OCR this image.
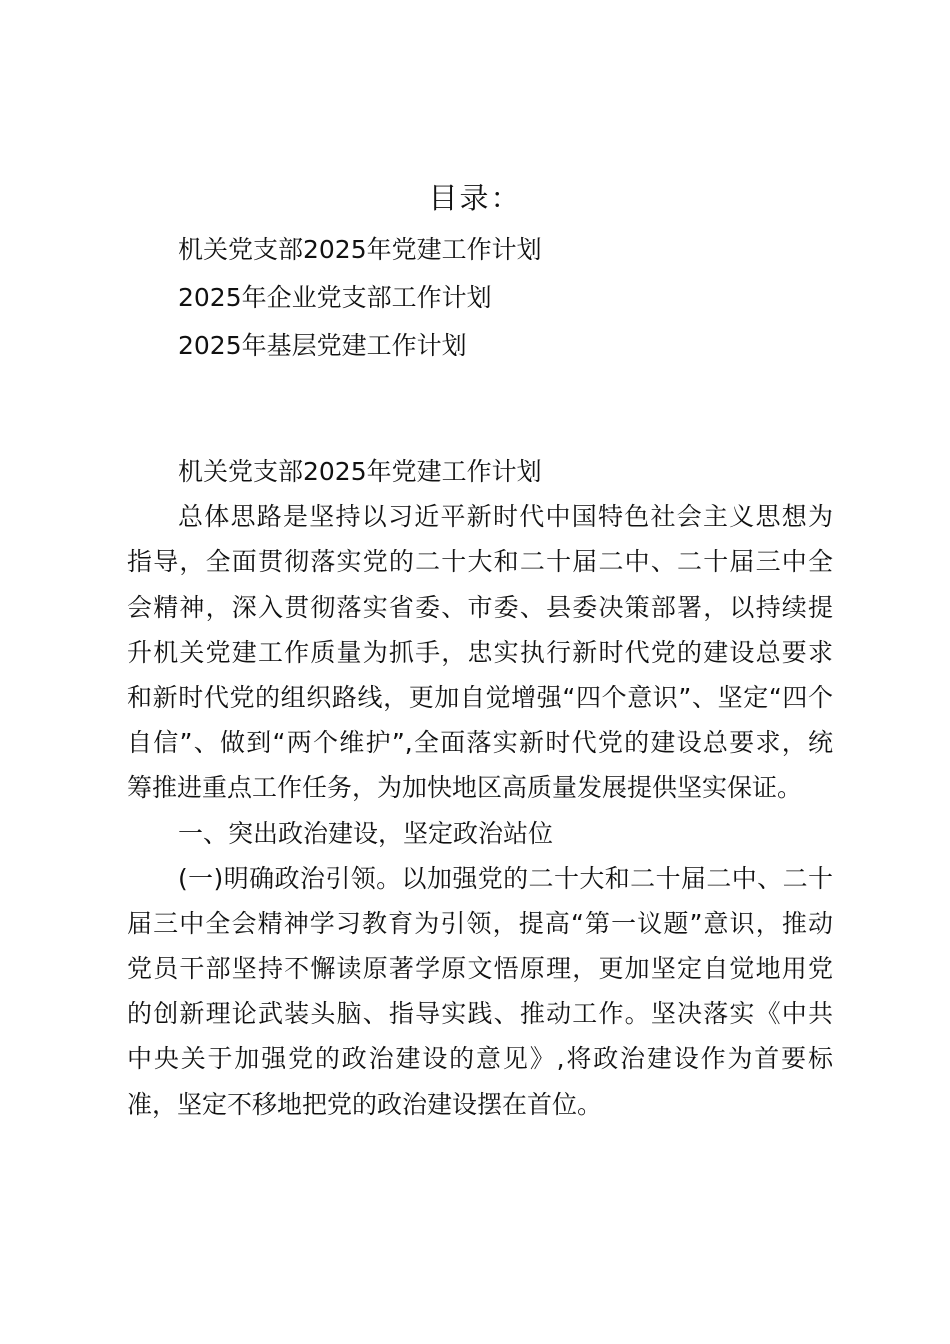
目录：
机关党支部2025年党建工作计划
2025年企业党支部工作计划
2025年基层党建工作计划
机关党支部2025年党建工作计划
总体思路是坚持以习近平新时代中国特色社会主义思想为
指导，全面贯彻落实党的二十大和二十届二中、二十届三中全
会精神，深入贯彻落实省委、市委、县委决策部署，以持续提
升机关党建工作质量为抓手，忠实执行新时代党的建设总要求
和新时代党的组织路线，更加自觉增强“四个意识”、坚定“四个
自信”、做到“两个维护”,全面落实新时代党的建设总要求，统
筹推进重点工作任务，为加快地区高质量发展提供坚实保证。
一、突出政治建设，坚定政治站位
(一)明确政治引领。以加强党的二十大和二十届二中、二十
届三中全会精神学习教育为引领，提高“第一议题”意识，推动
党员干部坚持不懈读原著学原文悟原理，更加坚定自觉地用党
的创新理论武装头脑、指导实践、推动工作。坚决落实《中共
中央关于加强党的政治建设的意见》,将政治建设作为首要标
准，坚定不移地把党的政治建设摆在首位。
